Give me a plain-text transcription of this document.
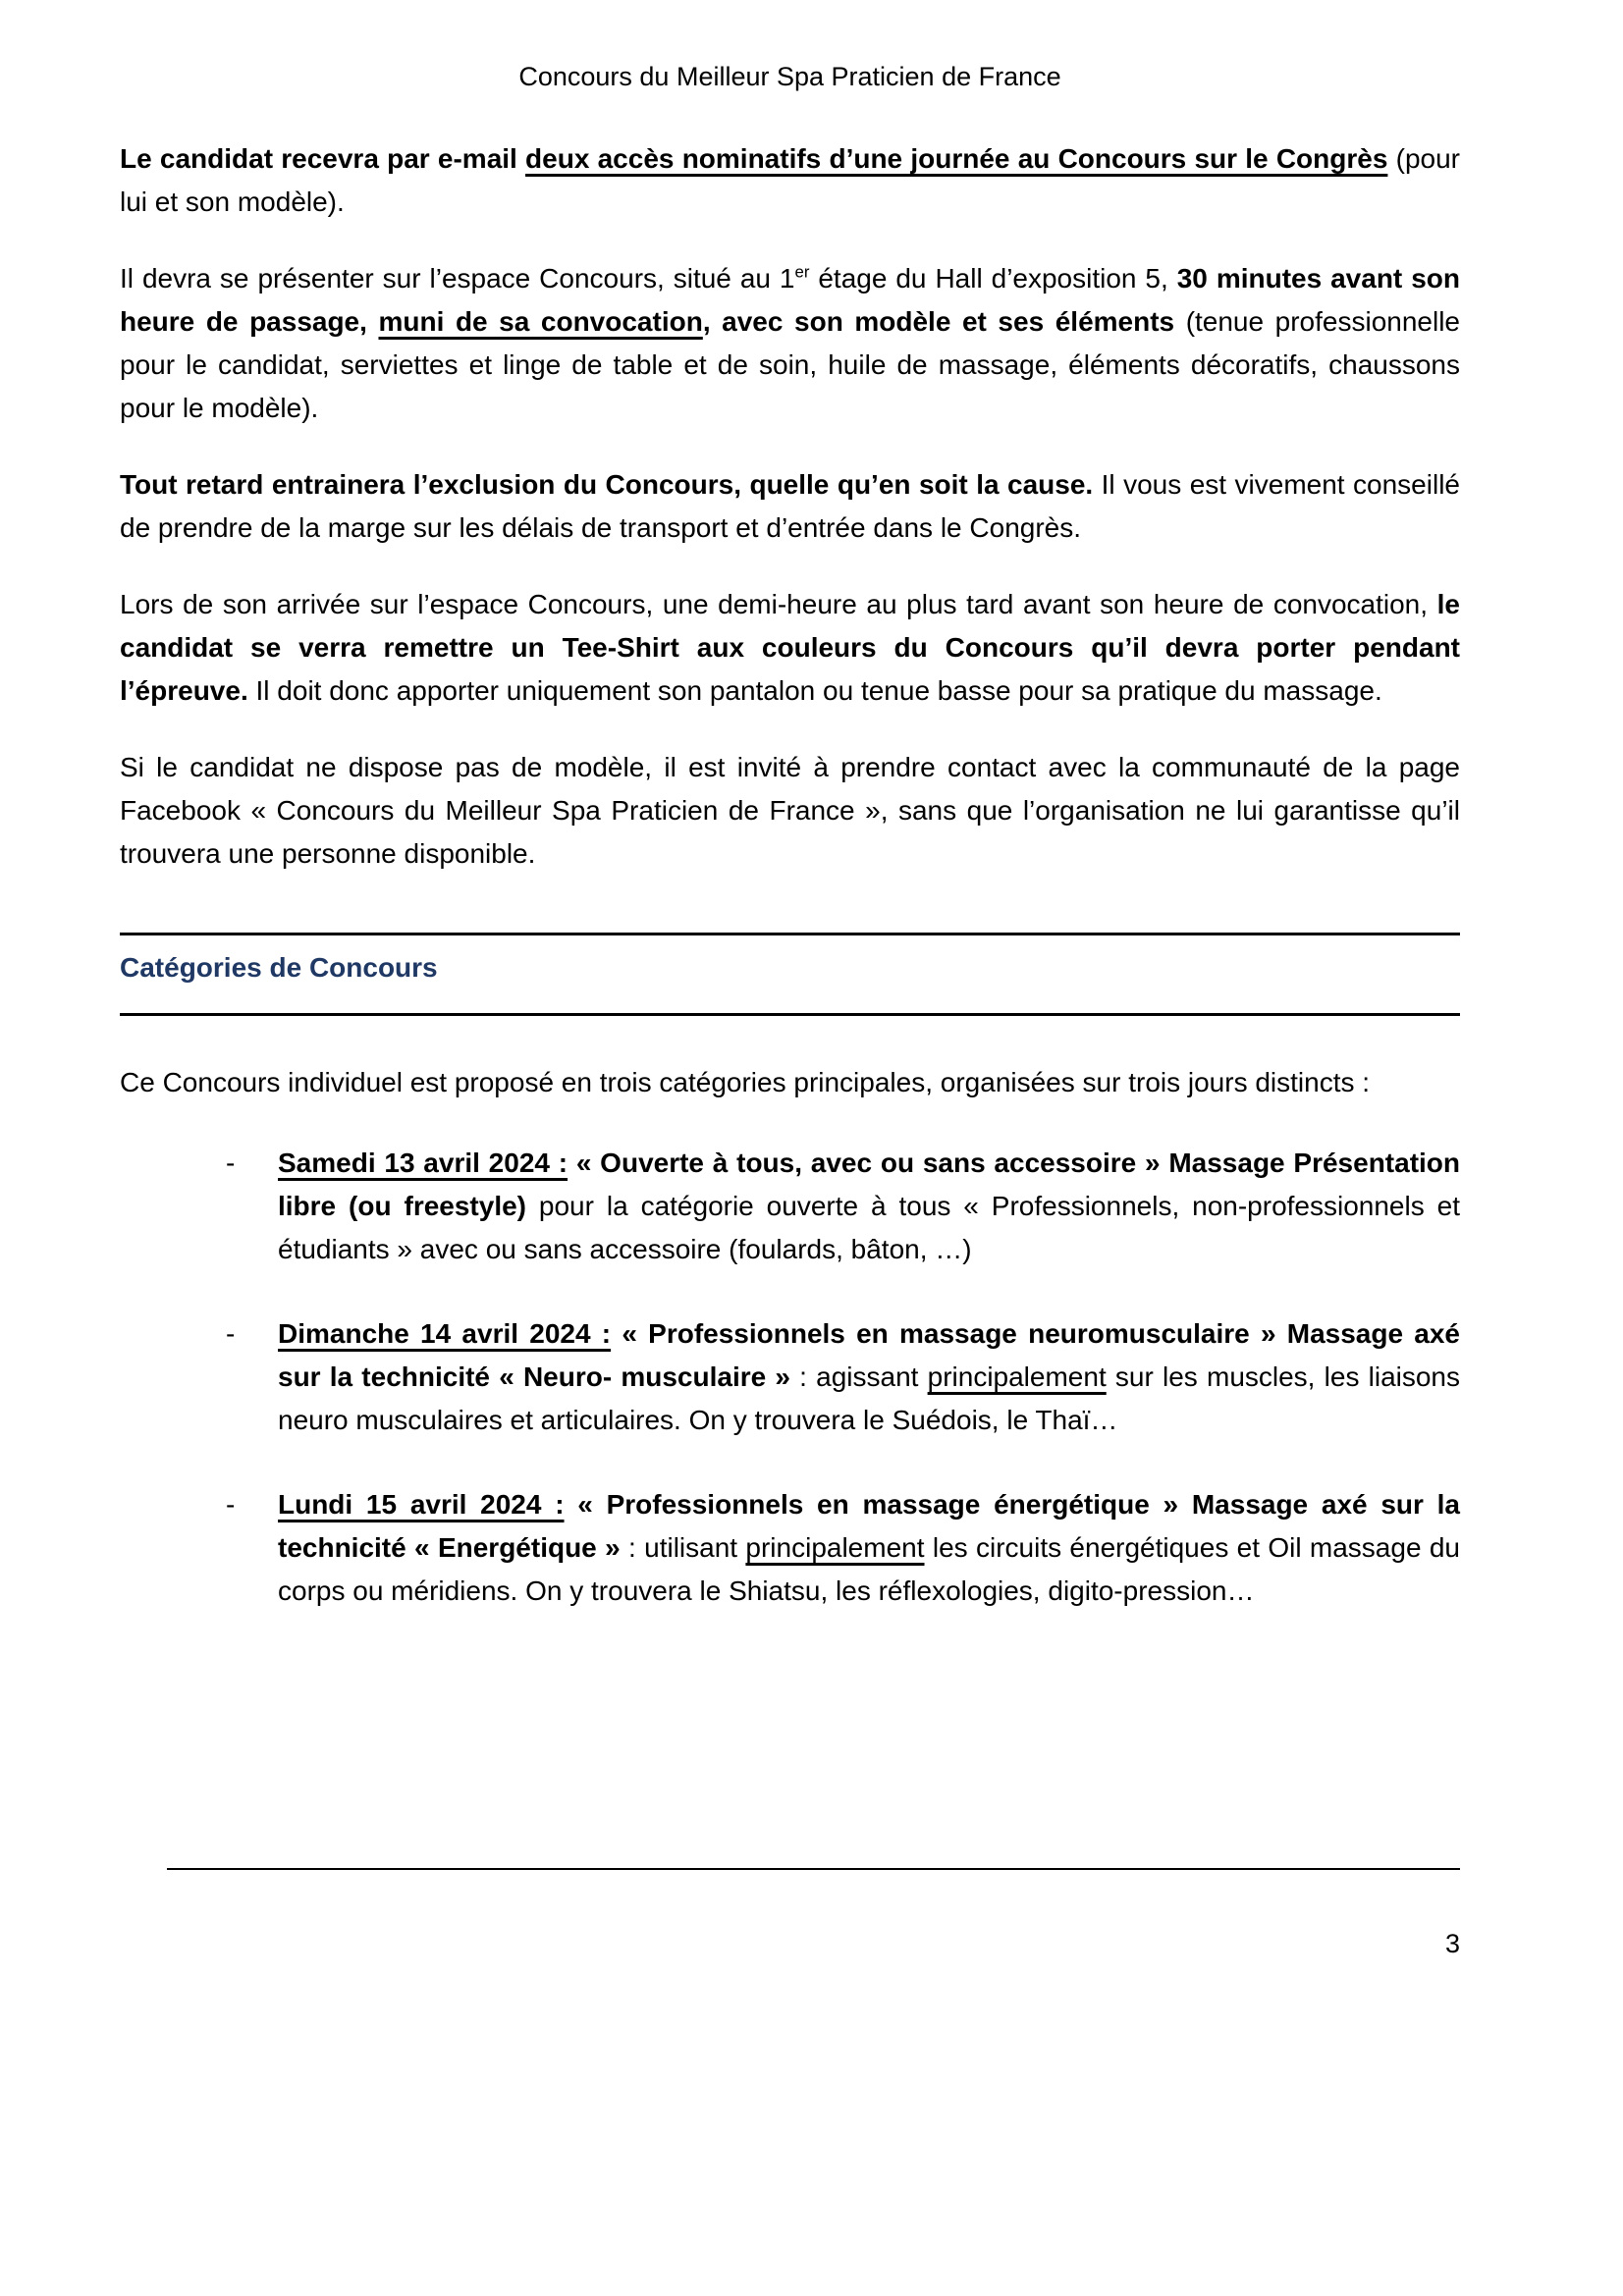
Concours du Meilleur Spa Praticien de France

Le candidat recevra par e-mail deux accès nominatifs d’une journée au Concours sur le Congrès (pour lui et son modèle).

Il devra se présenter sur l’espace Concours, situé au 1er étage du Hall d’exposition 5, 30 minutes avant son heure de passage, muni de sa convocation, avec son modèle et ses éléments (tenue professionnelle pour le candidat, serviettes et linge de table et de soin, huile de massage, éléments décoratifs, chaussons pour le modèle).

Tout retard entrainera l’exclusion du Concours, quelle qu’en soit la cause. Il vous est vivement conseillé de prendre de la marge sur les délais de transport et d’entrée dans le Congrès.

Lors de son arrivée sur l’espace Concours, une demi-heure au plus tard avant son heure de convocation, le candidat se verra remettre un Tee-Shirt aux couleurs du Concours qu’il devra porter pendant l’épreuve. Il doit donc apporter uniquement son pantalon ou tenue basse pour sa pratique du massage.

Si le candidat ne dispose pas de modèle, il est invité à prendre contact avec la communauté de la page Facebook « Concours du Meilleur Spa Praticien de France », sans que l’organisation ne lui garantisse qu’il trouvera une personne disponible.

Catégories de Concours

Ce Concours individuel est proposé en trois catégories principales, organisées sur trois jours distincts :

-	Samedi 13 avril 2024 : « Ouverte à tous, avec ou sans accessoire » Massage Présentation libre (ou freestyle) pour la catégorie ouverte à tous « Professionnels, non-professionnels et étudiants » avec ou sans accessoire (foulards, bâton, …)
-	Dimanche 14 avril 2024 : « Professionnels en massage neuromusculaire » Massage axé sur la technicité « Neuro- musculaire » : agissant principalement sur les muscles, les liaisons neuro musculaires et articulaires. On y trouvera le Suédois, le Thaï…
-	Lundi 15 avril 2024 : « Professionnels en massage énergétique » Massage axé sur la technicité « Energétique » : utilisant principalement les circuits énergétiques et Oil massage du corps ou méridiens. On y trouvera le Shiatsu, les réflexologies, digito-pression…
3
